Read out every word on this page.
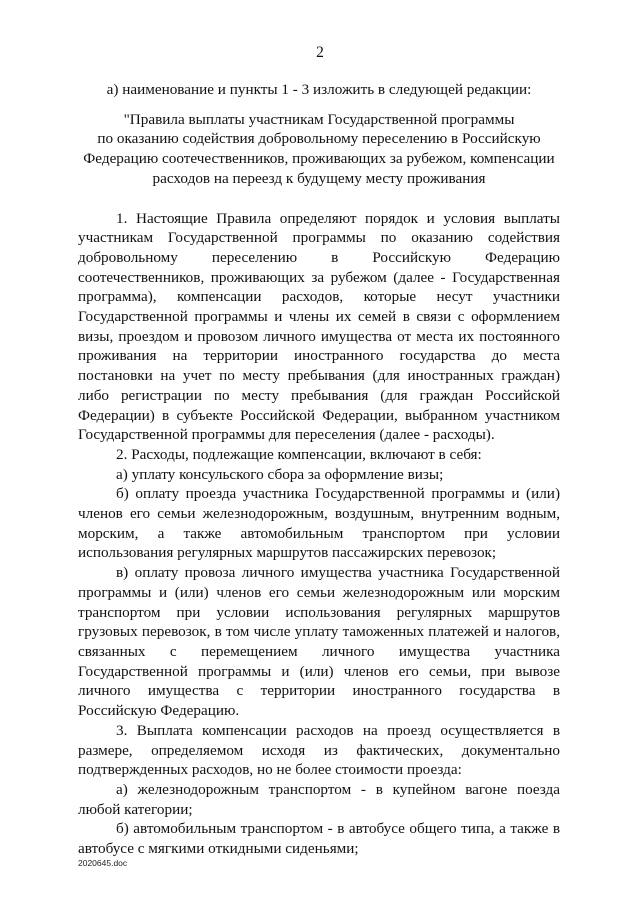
2

а) наименование и пункты 1 - 3 изложить в следующей редакции:

"Правила выплаты участникам Государственной программы
по оказанию содействия добровольному переселению в Российскую
Федерацию соотечественников, проживающих за рубежом, компенсации
расходов на переезд к будущему месту проживания

1. Настоящие Правила определяют порядок и условия выплаты участникам Государственной программы по оказанию содействия добровольному переселению в Российскую Федерацию соотечественников, проживающих за рубежом (далее - Государственная программа), компенсации расходов, которые несут участники Государственной программы и члены их семей в связи с оформлением визы, проездом и провозом личного имущества от места их постоянного проживания на территории иностранного государства до места постановки на учет по месту пребывания (для иностранных граждан) либо регистрации по месту пребывания (для граждан Российской Федерации) в субъекте Российской Федерации, выбранном участником Государственной программы для переселения (далее - расходы).

2. Расходы, подлежащие компенсации, включают в себя:

а) уплату консульского сбора за оформление визы;

б) оплату проезда участника Государственной программы и (или) членов его семьи железнодорожным, воздушным, внутренним водным, морским, а также автомобильным транспортом при условии использования регулярных маршрутов пассажирских перевозок;

в) оплату провоза личного имущества участника Государственной программы и (или) членов его семьи железнодорожным или морским транспортом при условии использования регулярных маршрутов грузовых перевозок, в том числе уплату таможенных платежей и налогов, связанных с перемещением личного имущества участника Государственной программы и (или) членов его семьи, при вывозе личного имущества с территории иностранного государства в Российскую Федерацию.

3. Выплата компенсации расходов на проезд осуществляется в размере, определяемом исходя из фактических, документально подтвержденных расходов, но не более стоимости проезда:

а) железнодорожным транспортом - в купейном вагоне поезда любой категории;

б) автомобильным транспортом - в автобусе общего типа, а также в автобусе с мягкими откидными сиденьями;

2020645.doc
